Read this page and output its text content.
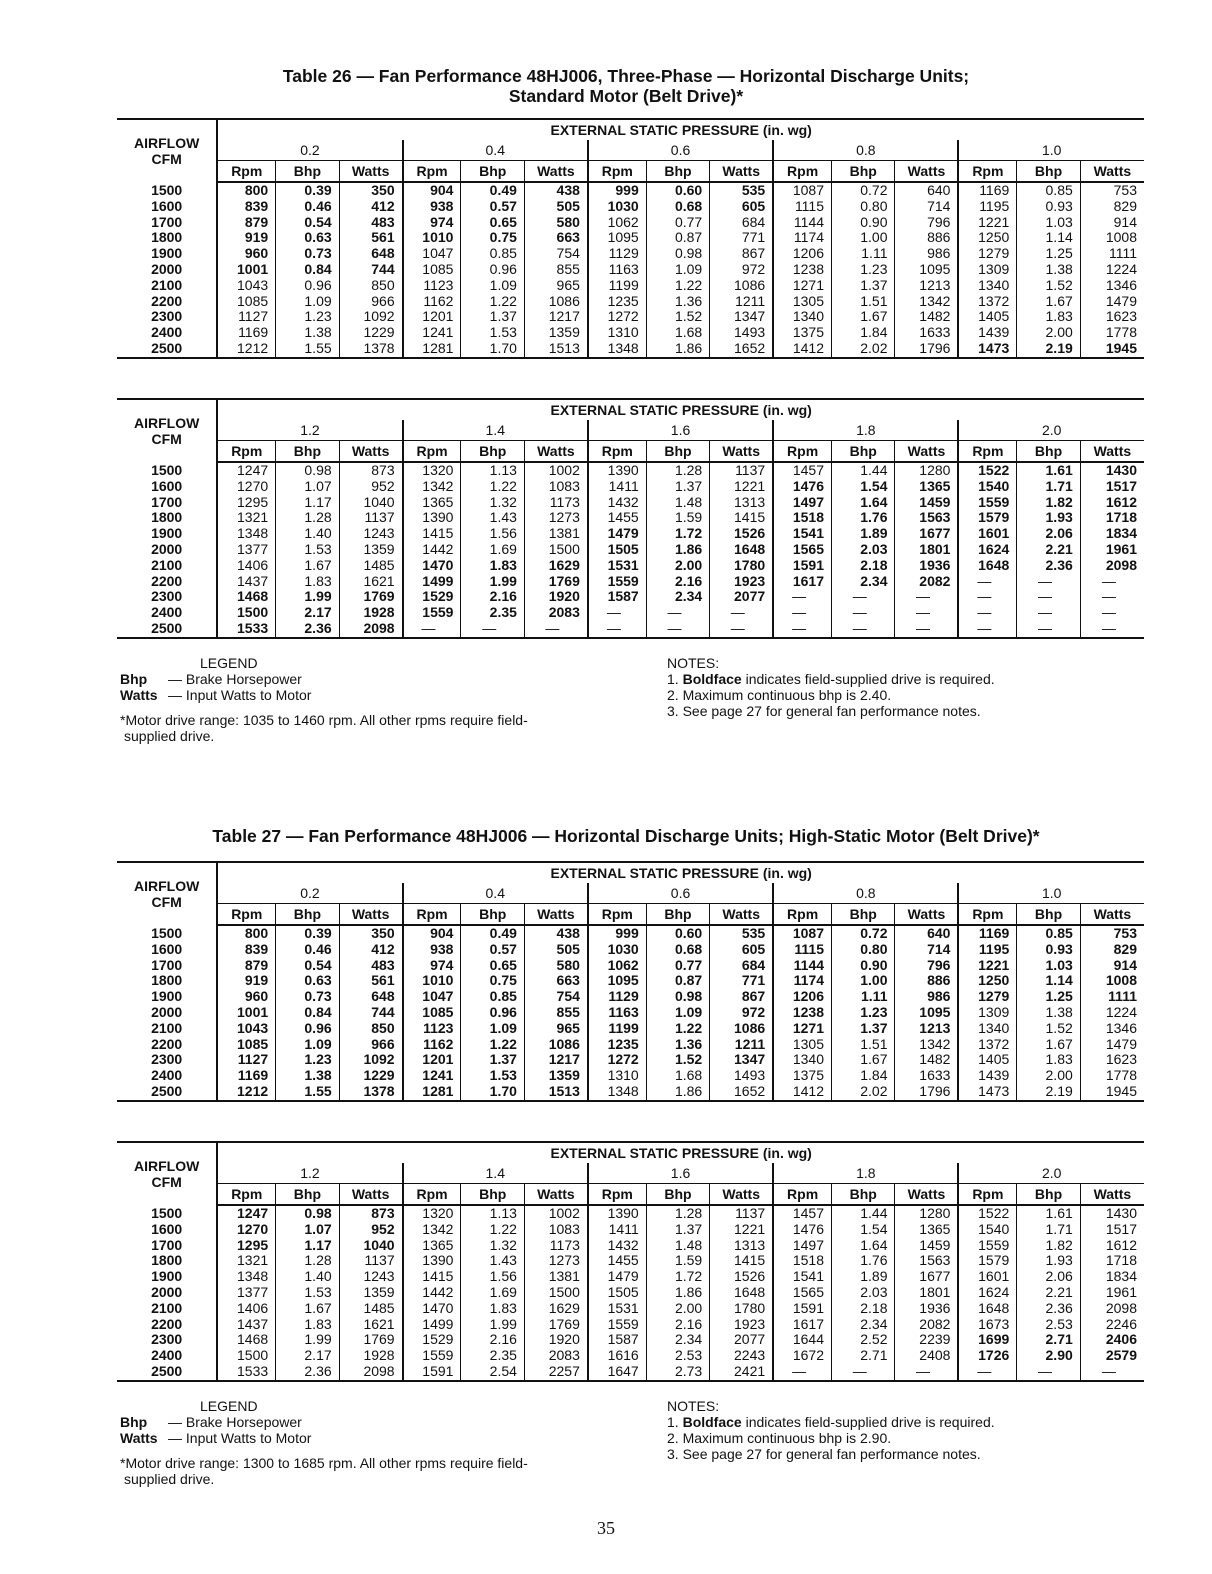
Table 26 — Fan Performance 48HJ006, Three-Phase — Horizontal Discharge Units;
Standard Motor (Belt Drive)*
AIRFLOW
CFM	EXTERNAL STATIC PRESSURE (in. wg)														
	0.2			0.4			0.6			0.8			1.0		
	Rpm	Bhp	Watts	Rpm	Bhp	Watts	Rpm	Bhp	Watts	Rpm	Bhp	Watts	Rpm	Bhp	Watts
1500	800	0.39	350	904	0.49	438	999	0.60	535	1087	0.72	640	1169	0.85	753
1600	839	0.46	412	938	0.57	505	1030	0.68	605	1115	0.80	714	1195	0.93	829
1700	879	0.54	483	974	0.65	580	1062	0.77	684	1144	0.90	796	1221	1.03	914
1800	919	0.63	561	1010	0.75	663	1095	0.87	771	1174	1.00	886	1250	1.14	1008
1900	960	0.73	648	1047	0.85	754	1129	0.98	867	1206	1.11	986	1279	1.25	1111
2000	1001	0.84	744	1085	0.96	855	1163	1.09	972	1238	1.23	1095	1309	1.38	1224
2100	1043	0.96	850	1123	1.09	965	1199	1.22	1086	1271	1.37	1213	1340	1.52	1346
2200	1085	1.09	966	1162	1.22	1086	1235	1.36	1211	1305	1.51	1342	1372	1.67	1479
2300	1127	1.23	1092	1201	1.37	1217	1272	1.52	1347	1340	1.67	1482	1405	1.83	1623
2400	1169	1.38	1229	1241	1.53	1359	1310	1.68	1493	1375	1.84	1633	1439	2.00	1778
2500	1212	1.55	1378	1281	1.70	1513	1348	1.86	1652	1412	2.02	1796	1473	2.19	1945
AIRFLOW
CFM	EXTERNAL STATIC PRESSURE (in. wg)														
	1.2			1.4			1.6			1.8			2.0		
	Rpm	Bhp	Watts	Rpm	Bhp	Watts	Rpm	Bhp	Watts	Rpm	Bhp	Watts	Rpm	Bhp	Watts
1500	1247	0.98	873	1320	1.13	1002	1390	1.28	1137	1457	1.44	1280	1522	1.61	1430
1600	1270	1.07	952	1342	1.22	1083	1411	1.37	1221	1476	1.54	1365	1540	1.71	1517
1700	1295	1.17	1040	1365	1.32	1173	1432	1.48	1313	1497	1.64	1459	1559	1.82	1612
1800	1321	1.28	1137	1390	1.43	1273	1455	1.59	1415	1518	1.76	1563	1579	1.93	1718
1900	1348	1.40	1243	1415	1.56	1381	1479	1.72	1526	1541	1.89	1677	1601	2.06	1834
2000	1377	1.53	1359	1442	1.69	1500	1505	1.86	1648	1565	2.03	1801	1624	2.21	1961
2100	1406	1.67	1485	1470	1.83	1629	1531	2.00	1780	1591	2.18	1936	1648	2.36	2098
2200	1437	1.83	1621	1499	1.99	1769	1559	2.16	1923	1617	2.34	2082	—	—	—
2300	1468	1.99	1769	1529	2.16	1920	1587	2.34	2077	—	—	—	—	—	—
2400	1500	2.17	1928	1559	2.35	2083	—	—	—	—	—	—	—	—	—
2500	1533	2.36	2098	—	—	—	—	—	—	—	—	—	—	—	—
LEGEND
Bhp — Brake Horsepower
Watts — Input Watts to Motor
*Motor drive range: 1035 to 1460 rpm. All other rpms require field-
supplied drive.
NOTES:
1. Boldface indicates field-supplied drive is required.
2. Maximum continuous bhp is 2.40.
3. See page 27 for general fan performance notes.
Table 27 — Fan Performance 48HJ006 — Horizontal Discharge Units; High-Static Motor (Belt Drive)*
AIRFLOW
CFM	EXTERNAL STATIC PRESSURE (in. wg)														
	0.2			0.4			0.6			0.8			1.0		
	Rpm	Bhp	Watts	Rpm	Bhp	Watts	Rpm	Bhp	Watts	Rpm	Bhp	Watts	Rpm	Bhp	Watts
1500	800	0.39	350	904	0.49	438	999	0.60	535	1087	0.72	640	1169	0.85	753
1600	839	0.46	412	938	0.57	505	1030	0.68	605	1115	0.80	714	1195	0.93	829
1700	879	0.54	483	974	0.65	580	1062	0.77	684	1144	0.90	796	1221	1.03	914
1800	919	0.63	561	1010	0.75	663	1095	0.87	771	1174	1.00	886	1250	1.14	1008
1900	960	0.73	648	1047	0.85	754	1129	0.98	867	1206	1.11	986	1279	1.25	1111
2000	1001	0.84	744	1085	0.96	855	1163	1.09	972	1238	1.23	1095	1309	1.38	1224
2100	1043	0.96	850	1123	1.09	965	1199	1.22	1086	1271	1.37	1213	1340	1.52	1346
2200	1085	1.09	966	1162	1.22	1086	1235	1.36	1211	1305	1.51	1342	1372	1.67	1479
2300	1127	1.23	1092	1201	1.37	1217	1272	1.52	1347	1340	1.67	1482	1405	1.83	1623
2400	1169	1.38	1229	1241	1.53	1359	1310	1.68	1493	1375	1.84	1633	1439	2.00	1778
2500	1212	1.55	1378	1281	1.70	1513	1348	1.86	1652	1412	2.02	1796	1473	2.19	1945
AIRFLOW
CFM	EXTERNAL STATIC PRESSURE (in. wg)														
	1.2			1.4			1.6			1.8			2.0		
	Rpm	Bhp	Watts	Rpm	Bhp	Watts	Rpm	Bhp	Watts	Rpm	Bhp	Watts	Rpm	Bhp	Watts
1500	1247	0.98	873	1320	1.13	1002	1390	1.28	1137	1457	1.44	1280	1522	1.61	1430
1600	1270	1.07	952	1342	1.22	1083	1411	1.37	1221	1476	1.54	1365	1540	1.71	1517
1700	1295	1.17	1040	1365	1.32	1173	1432	1.48	1313	1497	1.64	1459	1559	1.82	1612
1800	1321	1.28	1137	1390	1.43	1273	1455	1.59	1415	1518	1.76	1563	1579	1.93	1718
1900	1348	1.40	1243	1415	1.56	1381	1479	1.72	1526	1541	1.89	1677	1601	2.06	1834
2000	1377	1.53	1359	1442	1.69	1500	1505	1.86	1648	1565	2.03	1801	1624	2.21	1961
2100	1406	1.67	1485	1470	1.83	1629	1531	2.00	1780	1591	2.18	1936	1648	2.36	2098
2200	1437	1.83	1621	1499	1.99	1769	1559	2.16	1923	1617	2.34	2082	1673	2.53	2246
2300	1468	1.99	1769	1529	2.16	1920	1587	2.34	2077	1644	2.52	2239	1699	2.71	2406
2400	1500	2.17	1928	1559	2.35	2083	1616	2.53	2243	1672	2.71	2408	1726	2.90	2579
2500	1533	2.36	2098	1591	2.54	2257	1647	2.73	2421	—	—	—	—	—	—
LEGEND
Bhp — Brake Horsepower
Watts — Input Watts to Motor
*Motor drive range: 1300 to 1685 rpm. All other rpms require field-
supplied drive.
NOTES:
1. Boldface indicates field-supplied drive is required.
2. Maximum continuous bhp is 2.90.
3. See page 27 for general fan performance notes.
35
